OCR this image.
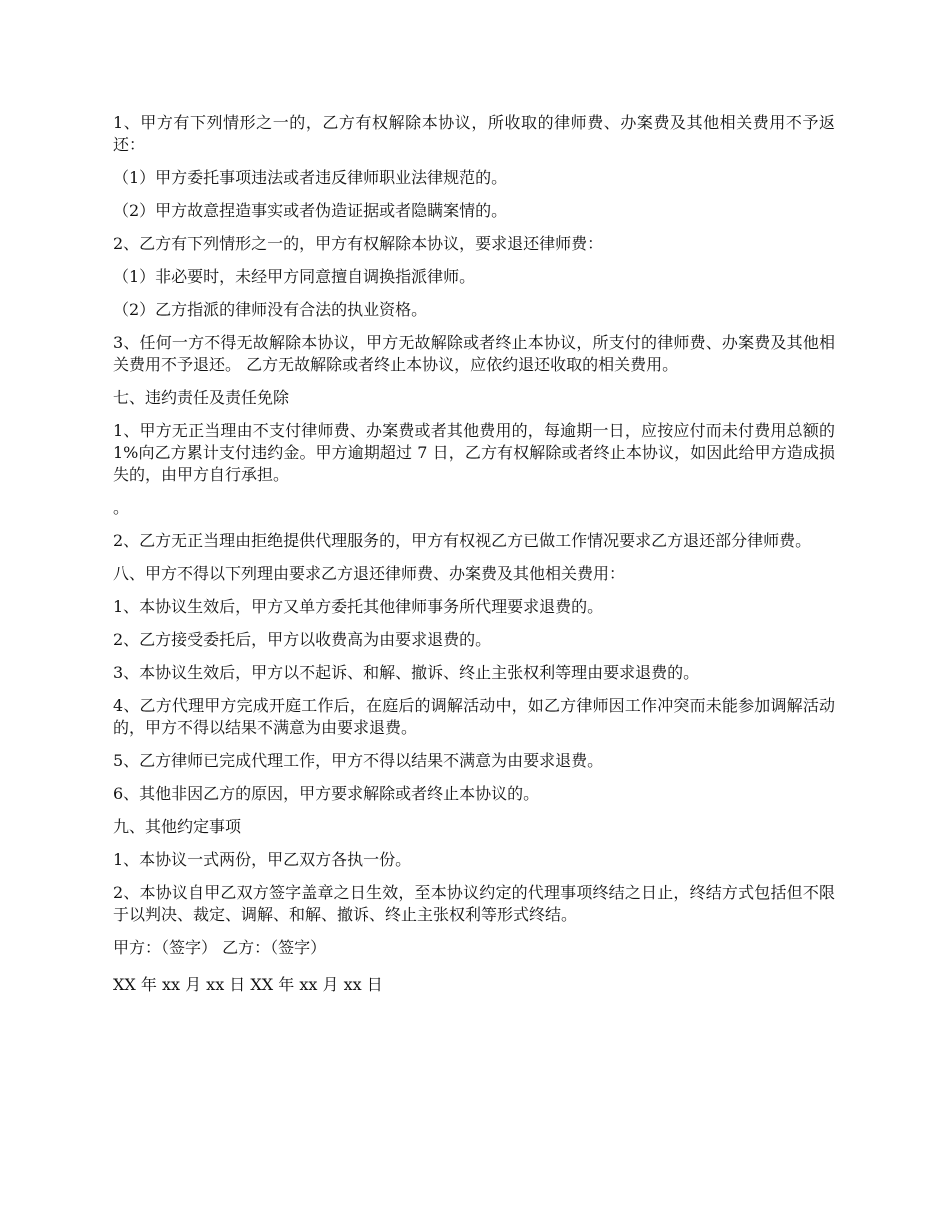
1、甲方有下列情形之一的，乙方有权解除本协议，所收取的律师费、办案费及其他相关费用不予返还：

（1）甲方委托事项违法或者违反律师职业法律规范的。

（2）甲方故意捏造事实或者伪造证据或者隐瞒案情的。

2、乙方有下列情形之一的，甲方有权解除本协议，要求退还律师费：

（1）非必要时，未经甲方同意擅自调换指派律师。

（2）乙方指派的律师没有合法的执业资格。

3、任何一方不得无故解除本协议，甲方无故解除或者终止本协议，所支付的律师费、办案费及其他相关费用不予退还。 乙方无故解除或者终止本协议，应依约退还收取的相关费用。

七、违约责任及责任免除

1、甲方无正当理由不支付律师费、办案费或者其他费用的，每逾期一日，应按应付而未付费用总额的 1%向乙方累计支付违约金。甲方逾期超过 7 日，乙方有权解除或者终止本协议，如因此给甲方造成损失的，由甲方自行承担。

。

2、乙方无正当理由拒绝提供代理服务的，甲方有权视乙方已做工作情况要求乙方退还部分律师费。

八、甲方不得以下列理由要求乙方退还律师费、办案费及其他相关费用：

1、本协议生效后，甲方又单方委托其他律师事务所代理要求退费的。

2、乙方接受委托后，甲方以收费高为由要求退费的。

3、本协议生效后，甲方以不起诉、和解、撤诉、终止主张权利等理由要求退费的。

4、乙方代理甲方完成开庭工作后，在庭后的调解活动中，如乙方律师因工作冲突而未能参加调解活动的，甲方不得以结果不满意为由要求退费。

5、乙方律师已完成代理工作，甲方不得以结果不满意为由要求退费。

6、其他非因乙方的原因，甲方要求解除或者终止本协议的。

九、其他约定事项

1、本协议一式两份，甲乙双方各执一份。

2、本协议自甲乙双方签字盖章之日生效，至本协议约定的代理事项终结之日止，终结方式包括但不限于以判决、裁定、调解、和解、撤诉、终止主张权利等形式终结。

甲方：（签字） 乙方：（签字）

XX 年 xx 月 xx 日 XX 年 xx 月 xx 日
